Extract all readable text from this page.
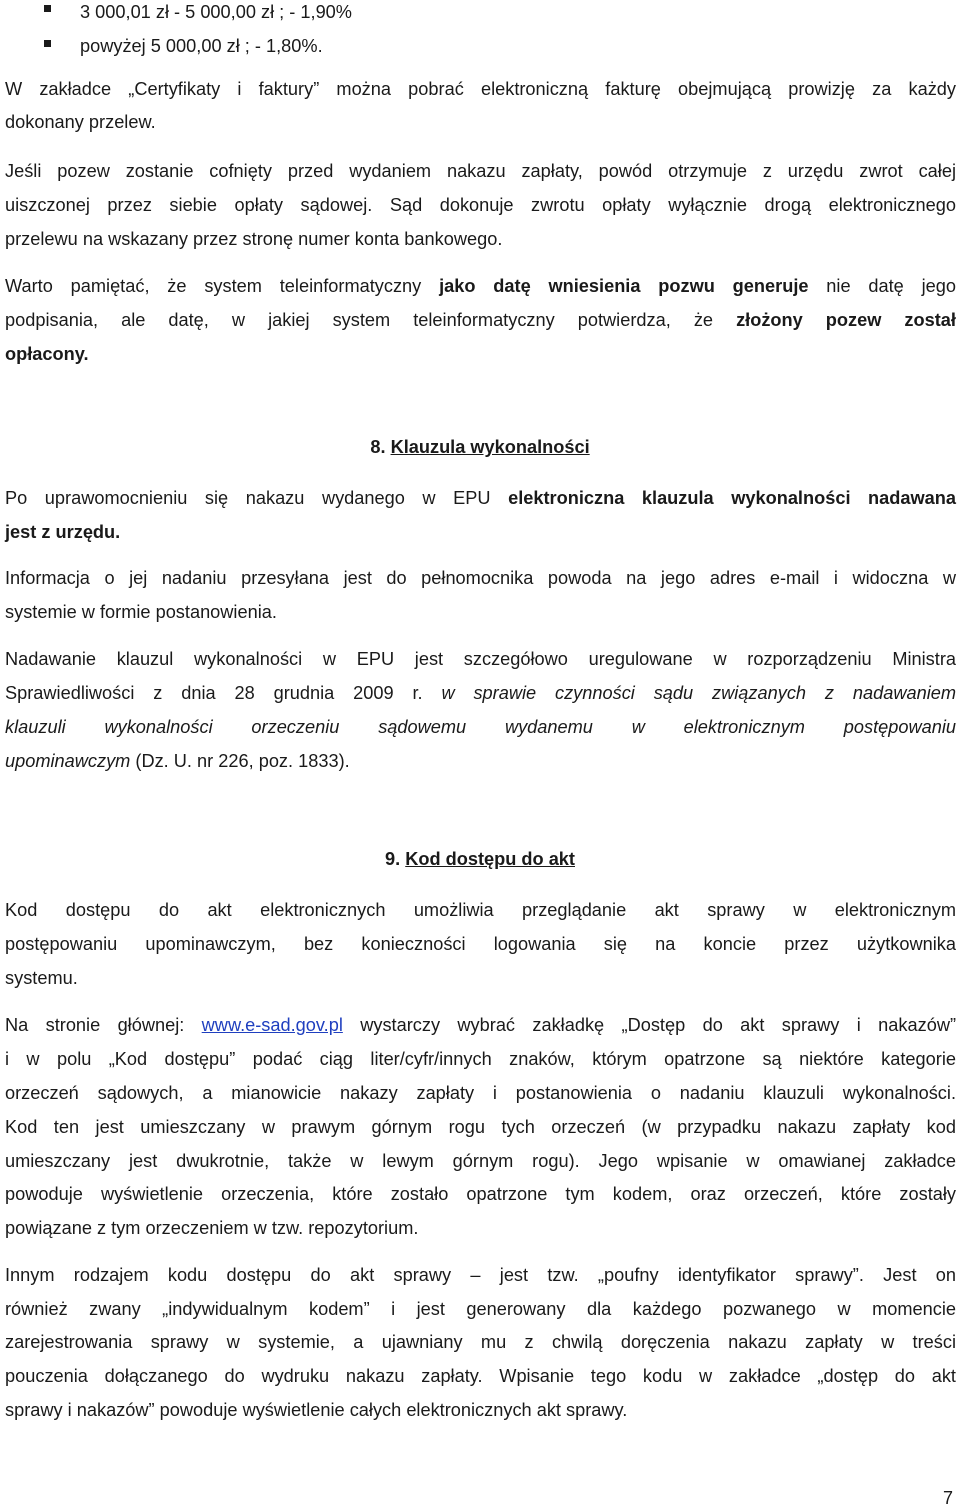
3 000,01 zł - 5 000,00 zł ; - 1,90%
powyżej 5 000,00 zł ; - 1,80%.
W zakładce „Certyfikaty i faktury” można pobrać elektroniczną fakturę obejmującą prowizję za każdy
dokonany przelew.
Jeśli pozew zostanie cofnięty przed wydaniem nakazu zapłaty, powód otrzymuje z urzędu zwrot całej
uiszczonej przez siebie opłaty sądowej. Sąd dokonuje zwrotu opłaty wyłącznie drogą elektronicznego
przelewu na wskazany przez stronę numer konta bankowego.
Warto pamiętać, że system teleinformatyczny jako datę wniesienia pozwu generuje nie datę jego
podpisania, ale datę, w jakiej system teleinformatyczny potwierdza, że złożony pozew został
opłacony.
8. Klauzula wykonalności
Po uprawomocnieniu się nakazu wydanego w EPU elektroniczna klauzula wykonalności nadawana
jest z urzędu.
Informacja o jej nadaniu przesyłana jest do pełnomocnika powoda na jego adres e-mail i widoczna w
systemie w formie postanowienia.
Nadawanie klauzul wykonalności w EPU jest szczegółowo uregulowane w rozporządzeniu Ministra
Sprawiedliwości z dnia 28 grudnia 2009 r. w sprawie czynności sądu związanych z nadawaniem
klauzuli wykonalności orzeczeniu sądowemu wydanemu w elektronicznym postępowaniu
upominawczym (Dz. U. nr 226, poz. 1833).
9. Kod dostępu do akt
Kod dostępu do akt elektronicznych umożliwia przeglądanie akt sprawy w elektronicznym
postępowaniu upominawczym, bez konieczności logowania się na koncie przez użytkownika
systemu.
Na stronie głównej: www.e-sad.gov.pl wystarczy wybrać zakładkę „Dostęp do akt sprawy i nakazów”
i w polu „Kod dostępu” podać ciąg liter/cyfr/innych znaków, którym opatrzone są niektóre kategorie
orzeczeń sądowych, a mianowicie nakazy zapłaty i postanowienia o nadaniu klauzuli wykonalności.
Kod ten jest umieszczany w prawym górnym rogu tych orzeczeń (w przypadku nakazu zapłaty kod
umieszczany jest dwukrotnie, także w lewym górnym rogu). Jego wpisanie w omawianej zakładce
powoduje wyświetlenie orzeczenia, które zostało opatrzone tym kodem, oraz orzeczeń, które zostały
powiązane z tym orzeczeniem w tzw. repozytorium.
Innym rodzajem kodu dostępu do akt sprawy – jest tzw. „poufny identyfikator sprawy”. Jest on
również zwany „indywidualnym kodem” i jest generowany dla każdego pozwanego w momencie
zarejestrowania sprawy w systemie, a ujawniany mu z chwilą doręczenia nakazu zapłaty w treści
pouczenia dołączanego do wydruku nakazu zapłaty. Wpisanie tego kodu w zakładce „dostęp do akt
sprawy i nakazów” powoduje wyświetlenie całych elektronicznych akt sprawy.
7
